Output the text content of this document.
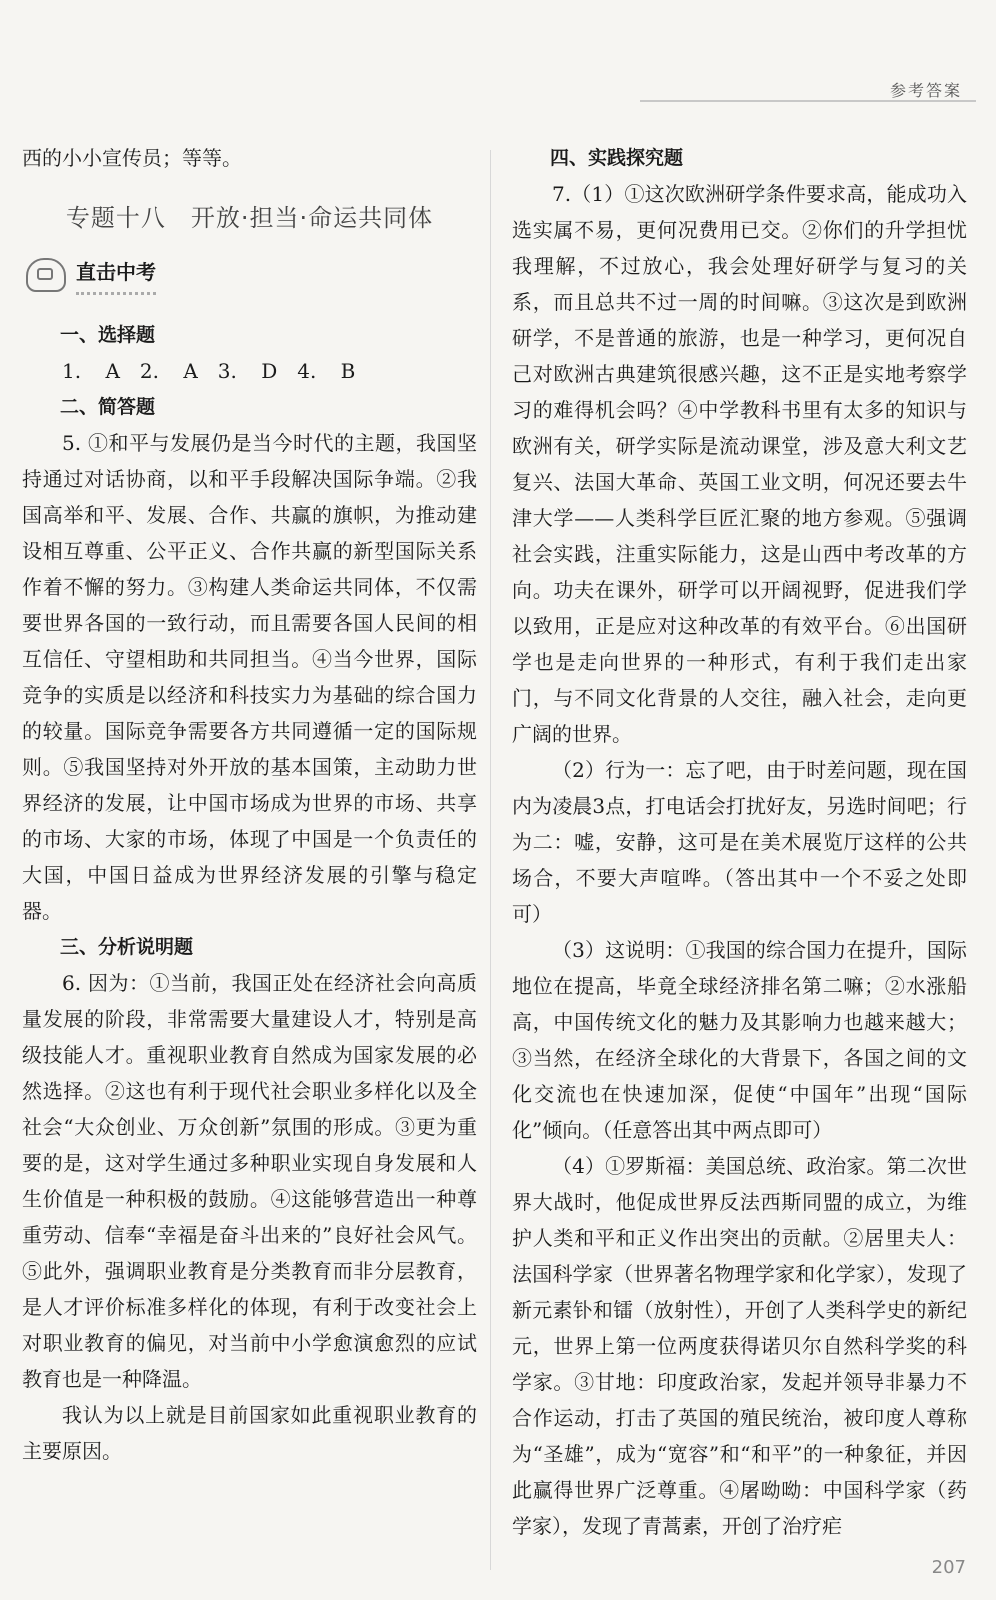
参考答案

西的小小宣传员；等等。

专题十八　开放·担当·命运共同体
直击中考

一、选择题

1. A　2. A　3. D　4. B

二、简答题

5. ①和平与发展仍是当今时代的主题，我国坚持通过对话协商，以和平手段解决国际争端。②我国高举和平、发展、合作、共赢的旗帜，为推动建设相互尊重、公平正义、合作共赢的新型国际关系作着不懈的努力。③构建人类命运共同体，不仅需要世界各国的一致行动，而且需要各国人民间的相互信任、守望相助和共同担当。④当今世界，国际竞争的实质是以经济和科技实力为基础的综合国力的较量。国际竞争需要各方共同遵循一定的国际规则。⑤我国坚持对外开放的基本国策，主动助力世界经济的发展，让中国市场成为世界的市场、共享的市场、大家的市场，体现了中国是一个负责任的大国，中国日益成为世界经济发展的引擎与稳定器。

三、分析说明题

6. 因为：①当前，我国正处在经济社会向高质量发展的阶段，非常需要大量建设人才，特别是高级技能人才。重视职业教育自然成为国家发展的必然选择。②这也有利于现代社会职业多样化以及全社会“大众创业、万众创新”氛围的形成。③更为重要的是，这对学生通过多种职业实现自身发展和人生价值是一种积极的鼓励。④这能够营造出一种尊重劳动、信奉“幸福是奋斗出来的”良好社会风气。⑤此外，强调职业教育是分类教育而非分层教育，是人才评价标准多样化的体现，有利于改变社会上对职业教育的偏见，对当前中小学愈演愈烈的应试教育也是一种降温。

我认为以上就是目前国家如此重视职业教育的主要原因。

四、实践探究题

7.（1）①这次欧洲研学条件要求高，能成功入选实属不易，更何况费用已交。②你们的升学担忧我理解，不过放心，我会处理好研学与复习的关系，而且总共不过一周的时间嘛。③这次是到欧洲研学，不是普通的旅游，也是一种学习，更何况自己对欧洲古典建筑很感兴趣，这不正是实地考察学习的难得机会吗？④中学教科书里有太多的知识与欧洲有关，研学实际是流动课堂，涉及意大利文艺复兴、法国大革命、英国工业文明，何况还要去牛津大学——人类科学巨匠汇聚的地方参观。⑤强调社会实践，注重实际能力，这是山西中考改革的方向。功夫在课外，研学可以开阔视野，促进我们学以致用，正是应对这种改革的有效平台。⑥出国研学也是走向世界的一种形式，有利于我们走出家门，与不同文化背景的人交往，融入社会，走向更广阔的世界。

（2）行为一：忘了吧，由于时差问题，现在国内为凌晨3点，打电话会打扰好友，另选时间吧；行为二：嘘，安静，这可是在美术展览厅这样的公共场合，不要大声喧哗。（答出其中一个不妥之处即可）

（3）这说明：①我国的综合国力在提升，国际地位在提高，毕竟全球经济排名第二嘛；②水涨船高，中国传统文化的魅力及其影响力也越来越大；③当然，在经济全球化的大背景下，各国之间的文化交流也在快速加深，促使“中国年”出现“国际化”倾向。（任意答出其中两点即可）

（4）①罗斯福：美国总统、政治家。第二次世界大战时，他促成世界反法西斯同盟的成立，为维护人类和平和正义作出突出的贡献。②居里夫人：法国科学家（世界著名物理学家和化学家），发现了新元素钋和镭（放射性），开创了人类科学史的新纪元，世界上第一位两度获得诺贝尔自然科学奖的科学家。③甘地：印度政治家，发起并领导非暴力不合作运动，打击了英国的殖民统治，被印度人尊称为“圣雄”，成为“宽容”和“和平”的一种象征，并因此赢得世界广泛尊重。④屠呦呦：中国科学家（药学家），发现了青蒿素，开创了治疗疟

207
